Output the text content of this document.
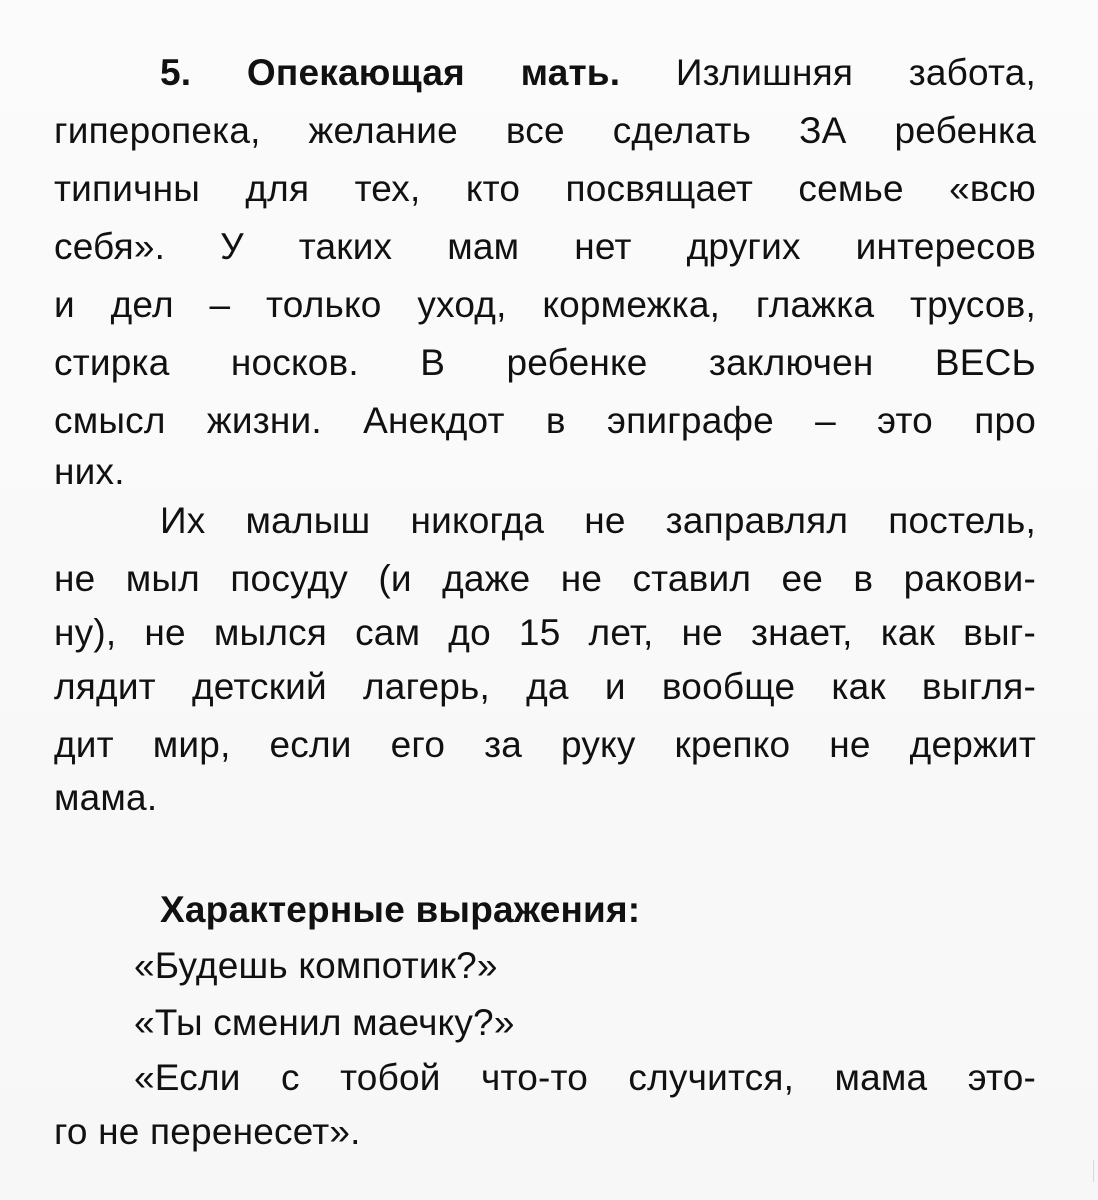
5. Опекающая мать. Излишняя забота,
гиперопека, желание все сделать ЗА ребенка
типичны для тех, кто посвящает семье «всю
себя». У таких мам нет других интересов
и дел – только уход, кормежка, глажка трусов,
стирка носков. В ребенке заключен ВЕСЬ
смысл жизни. Анекдот в эпиграфе – это про
них.
Их малыш никогда не заправлял постель,
не мыл посуду (и даже не ставил ее в ракови-
ну), не мылся сам до 15 лет, не знает, как выг-
лядит детский лагерь, да и вообще как выгля-
дит мир, если его за руку крепко не держит
мама.
Характерные выражения:
«Будешь компотик?»
«Ты сменил маечку?»
«Если с тобой что-то случится, мама это-
го не перенесет».
